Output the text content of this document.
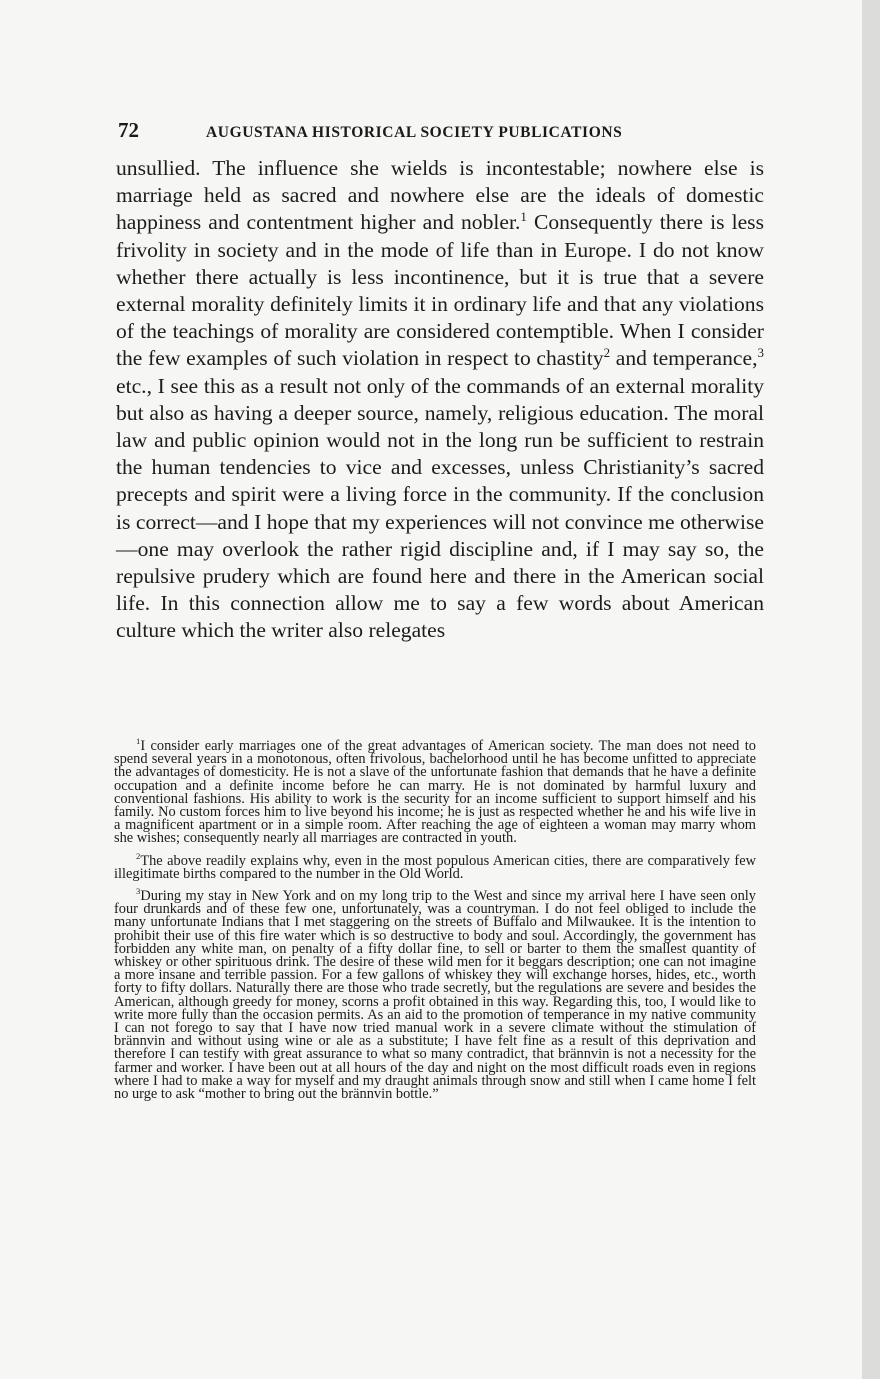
72	AUGUSTANA HISTORICAL SOCIETY PUBLICATIONS

unsullied. The influence she wields is incontestable; nowhere else is marriage held as sacred and nowhere else are the ideals of domestic happiness and contentment higher and nobler.$^1$ Consequently there is less frivolity in society and in the mode of life than in Europe. I do not know whether there actually is less incontinence, but it is true that a severe external morality definitely limits it in ordinary life and that any violations of the teachings of morality are considered contemptible. When I consider the few examples of such violation in respect to chastity$^2$ and temperance,$^3$ etc., I see this as a result not only of the commands of an external morality but also as having a deeper source, namely, religious education. The moral law and public opinion would not in the long run be sufficient to restrain the human tendencies to vice and excesses, unless Christianity’s sacred precepts and spirit were a living force in the community. If the conclusion is correct—and I hope that my experiences will not convince me otherwise—one may overlook the rather rigid discipline and, if I may say so, the repulsive prudery which are found here and there in the American social life. In this connection allow me to say a few words about American culture which the writer also relegates

$^1$I consider early marriages one of the great advantages of American society. The man does not need to spend several years in a monotonous, often frivolous, bachelorhood until he has become unfitted to appreciate the advantages of domesticity. He is not a slave of the unfortunate fashion that demands that he have a definite occupation and a definite income before he can marry. He is not dominated by harmful luxury and conventional fashions. His ability to work is the security for an income sufficient to support himself and his family. No custom forces him to live beyond his income; he is just as respected whether he and his wife live in a magnificent apartment or in a simple room. After reaching the age of eighteen a woman may marry whom she wishes; consequently nearly all marriages are contracted in youth.

$^2$The above readily explains why, even in the most populous American cities, there are comparatively few illegitimate births compared to the number in the Old World.

$^3$During my stay in New York and on my long trip to the West and since my arrival here I have seen only four drunkards and of these few one, unfortunately, was a countryman. I do not feel obliged to include the many unfortunate Indians that I met staggering on the streets of Buffalo and Milwaukee. It is the intention to prohibit their use of this fire water which is so destructive to body and soul. Accordingly, the government has forbidden any white man, on penalty of a fifty dollar fine, to sell or barter to them the smallest quantity of whiskey or other spirituous drink. The desire of these wild men for it beggars description; one can not imagine a more insane and terrible passion. For a few gallons of whiskey they will exchange horses, hides, etc., worth forty to fifty dollars. Naturally there are those who trade secretly, but the regulations are severe and besides the American, although greedy for money, scorns a profit obtained in this way. Regarding this, too, I would like to write more fully than the occasion permits. As an aid to the promotion of temperance in my native community I can not forego to say that I have now tried manual work in a severe climate without the stimulation of brännvin and without using wine or ale as a substitute; I have felt fine as a result of this deprivation and therefore I can testify with great assurance to what so many contradict, that brännvin is not a necessity for the farmer and worker. I have been out at all hours of the day and night on the most difficult roads even in regions where I had to make a way for myself and my draught animals through snow and still when I came home I felt no urge to ask “mother to bring out the brännvin bottle.”
